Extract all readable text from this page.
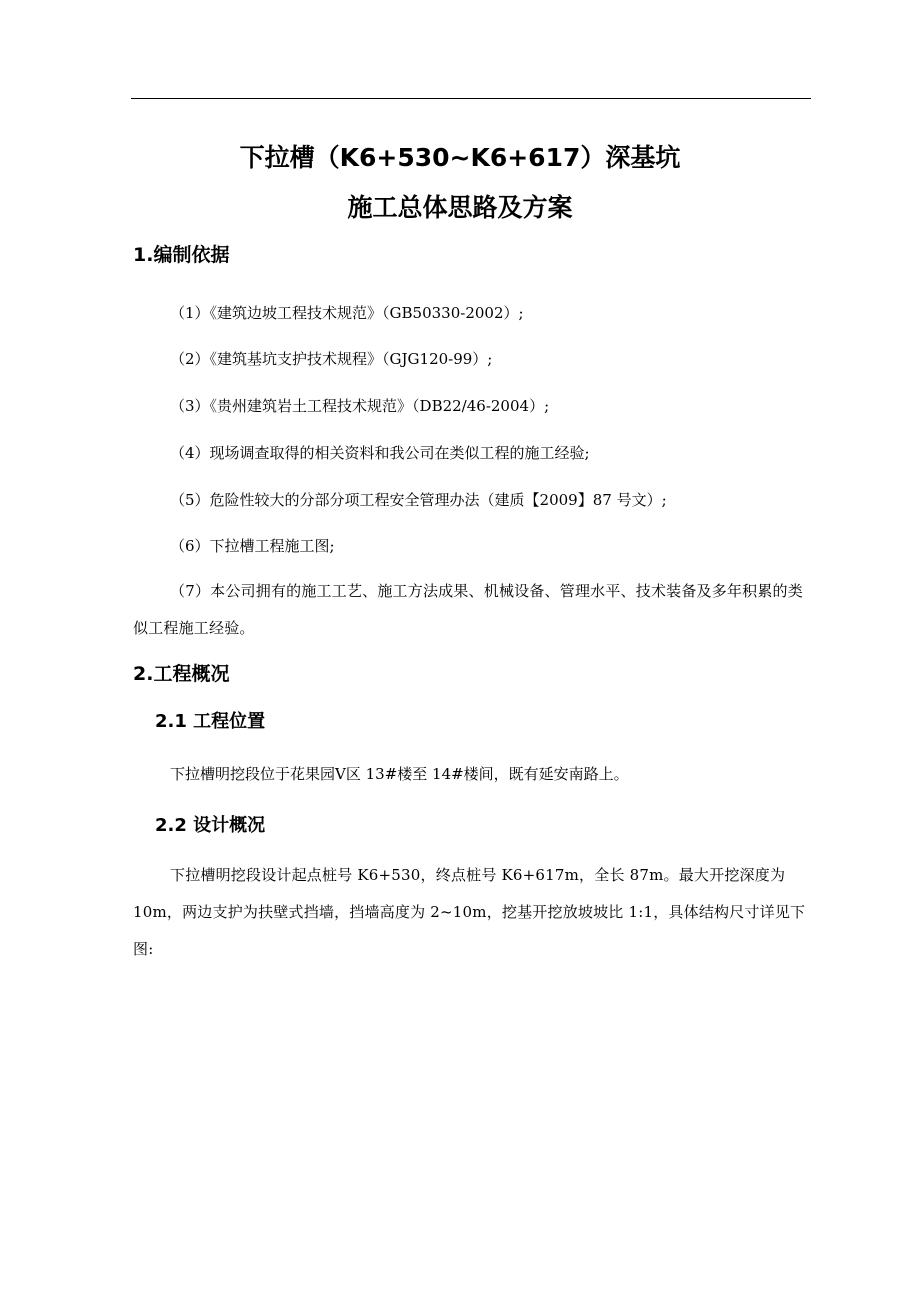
下拉槽（K6+530~K6+617）深基坑
施工总体思路及方案
1.编制依据
（1）《建筑边坡工程技术规范》（GB50330-2002）;
（2）《建筑基坑支护技术规程》（GJG120-99）;
（3）《贵州建筑岩土工程技术规范》（DB22/46-2004）;
（4）现场调查取得的相关资料和我公司在类似工程的施工经验;
（5）危险性较大的分部分项工程安全管理办法（建质【2009】87 号文）;
（6）下拉槽工程施工图;
（7）本公司拥有的施工工艺、施工方法成果、机械设备、管理水平、技术装备及多年积累的类似工程施工经验。
2.工程概况
2.1 工程位置
下拉槽明挖段位于花果园Ⅴ区 13#楼至 14#楼间，既有延安南路上。
2.2 设计概况
下拉槽明挖段设计起点桩号 K6+530，终点桩号 K6+617m，全长 87m。最大开挖深度为 10m，两边支护为扶壁式挡墙，挡墙高度为 2~10m，挖基开挖放坡坡比 1:1，具体结构尺寸详见下图:
